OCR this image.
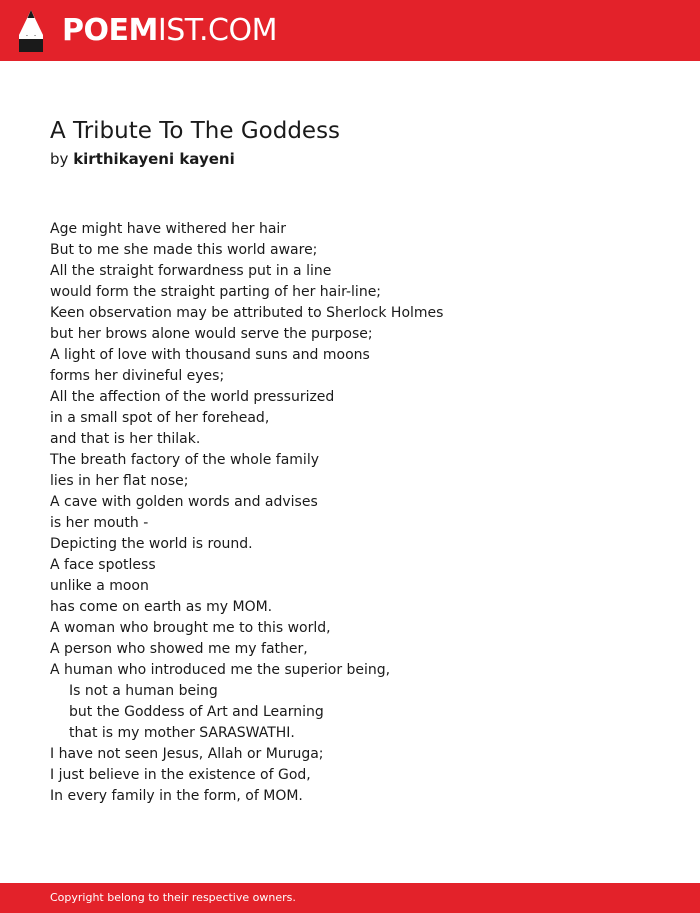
POEMIST.COM
A Tribute To The Goddess
by kirthikayeni kayeni
Age might have withered her hair
But to me she made this world aware;
All the straight forwardness put in a line
would form the straight parting of her hair-line;
Keen observation may be attributed to Sherlock Holmes
but her brows alone would serve the purpose;
A light of love with thousand suns and moons
forms her divineful eyes;
All the affection of the world pressurized
in a small spot of her forehead,
and that is her thilak.
The breath factory of the whole family
lies in her flat nose;
A cave with golden words and advises
is her mouth -
Depicting the world is round.
A face spotless
unlike a moon
has come on earth as my MOM.
A woman who brought me to this world,
A person who showed me my father,
A human who introduced me the superior being,
Is not a human being
but the Goddess of Art and Learning
that is my mother SARASWATHI.
I have not seen Jesus, Allah or Muruga;
I just believe in the existence of God,
In every family in the form, of MOM.
Copyright belong to their respective owners.
